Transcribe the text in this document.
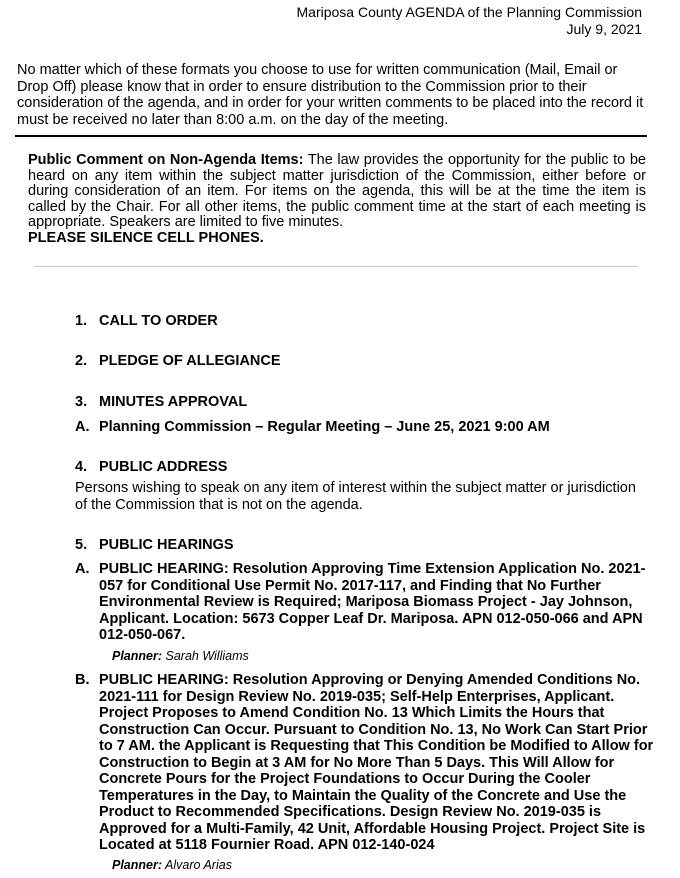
Mariposa County AGENDA of the Planning Commission
July 9, 2021
No matter which of these formats you choose to use for written communication (Mail, Email or Drop Off) please know that in order to ensure distribution to the Commission prior to their consideration of the agenda, and in order for your written comments to be placed into the record it must be received no later than 8:00 a.m. on the day of the meeting.
Public Comment on Non-Agenda Items: The law provides the opportunity for the public to be heard on any item within the subject matter jurisdiction of the Commission, either before or during consideration of an item. For items on the agenda, this will be at the time the item is called by the Chair. For all other items, the public comment time at the start of each meeting is appropriate. Speakers are limited to five minutes.
PLEASE SILENCE CELL PHONES.
1. CALL TO ORDER
2. PLEDGE OF ALLEGIANCE
3. MINUTES APPROVAL
A. Planning Commission – Regular Meeting – June 25, 2021 9:00 AM
4. PUBLIC ADDRESS
Persons wishing to speak on any item of interest within the subject matter or jurisdiction of the Commission that is not on the agenda.
5. PUBLIC HEARINGS
A. PUBLIC HEARING: Resolution Approving Time Extension Application No. 2021-057 for Conditional Use Permit No. 2017-117, and Finding that No Further Environmental Review is Required; Mariposa Biomass Project - Jay Johnson, Applicant. Location: 5673 Copper Leaf Dr. Mariposa. APN 012-050-066 and APN 012-050-067.
Planner: Sarah Williams
B. PUBLIC HEARING: Resolution Approving or Denying Amended Conditions No. 2021-111 for Design Review No. 2019-035; Self-Help Enterprises, Applicant. Project Proposes to Amend Condition No. 13 Which Limits the Hours that Construction Can Occur. Pursuant to Condition No. 13, No Work Can Start Prior to 7 AM. the Applicant is Requesting that This Condition be Modified to Allow for Construction to Begin at 3 AM for No More Than 5 Days. This Will Allow for Concrete Pours for the Project Foundations to Occur During the Cooler Temperatures in the Day, to Maintain the Quality of the Concrete and Use the Product to Recommended Specifications. Design Review No. 2019-035 is Approved for a Multi-Family, 42 Unit, Affordable Housing Project. Project Site is Located at 5118 Fournier Road. APN 012-140-024
Planner: Alvaro Arias
